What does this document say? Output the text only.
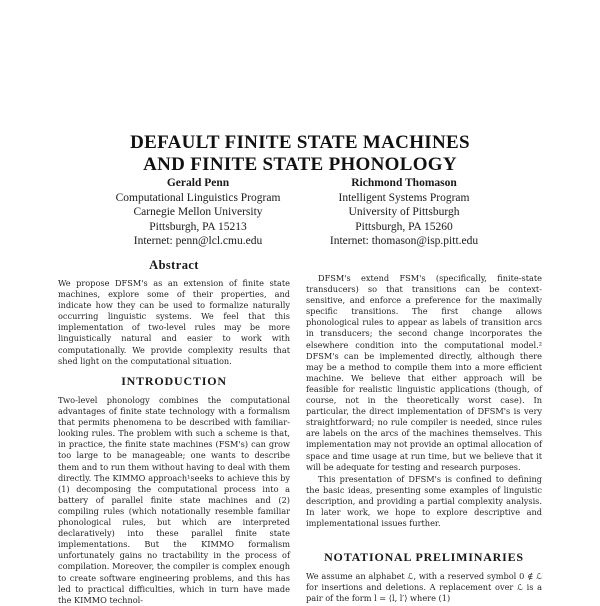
DEFAULT FINITE STATE MACHINES
AND FINITE STATE PHONOLOGY
Gerald Penn
Computational Linguistics Program
Carnegie Mellon University
Pittsburgh, PA 15213
Internet: penn@lcl.cmu.edu
Richmond Thomason
Intelligent Systems Program
University of Pittsburgh
Pittsburgh, PA 15260
Internet: thomason@isp.pitt.edu
Abstract

We propose DFSM's as an extension of finite state machines, explore some of their properties, and indicate how they can be used to formalize naturally occurring linguistic systems. We feel that this implementation of two-level rules may be more linguistically natural and easier to work with computationally. We provide complexity results that shed light on the computational situation.

INTRODUCTION

Two-level phonology combines the computational advantages of finite state technology with a formalism that permits phenomena to be described with familiar-looking rules. The problem with such a scheme is that, in practice, the finite state machines (FSM's) can grow too large to be manageable; one wants to describe them and to run them without having to deal with them directly. The KIMMO approach¹seeks to achieve this by (1) decomposing the computational process into a battery of parallel finite state machines and (2) compiling rules (which notationally resemble familiar phonological rules, but which are interpreted declaratively) into these parallel finite state implementations. But the KIMMO formalism unfortunately gains no tractability in the process of compilation. Moreover, the compiler is complex enough to create software engineering problems, and this has led to practical difficulties, which in turn have made the KIMMO technol-

DFSM's extend FSM's (specifically, finite-state transducers) so that transitions can be context-sensitive, and enforce a preference for the maximally specific transitions. The first change allows phonological rules to appear as labels of transition arcs in transducers; the second change incorporates the elsewhere condition into the computational model.² DFSM's can be implemented directly, although there may be a method to compile them into a more efficient machine. We believe that either approach will be feasible for realistic linguistic applications (though, of course, not in the theoretically worst case). In particular, the direct implementation of DFSM's is very straightforward; no rule compiler is needed, since rules are labels on the arcs of the machines themselves. This implementation may not provide an optimal allocation of space and time usage at run time, but we believe that it will be adequate for testing and research purposes.

This presentation of DFSM's is confined to defining the basic ideas, presenting some examples of linguistic description, and providing a partial complexity analysis. In later work, we hope to explore descriptive and implementational issues further.

NOTATIONAL PRELIMINARIES

We assume an alphabet ℒ, with a reserved symbol 0 ∉ ℒ for insertions and deletions. A replacement over ℒ is a pair of the form l = ⟨l, l′⟩ where (1)
